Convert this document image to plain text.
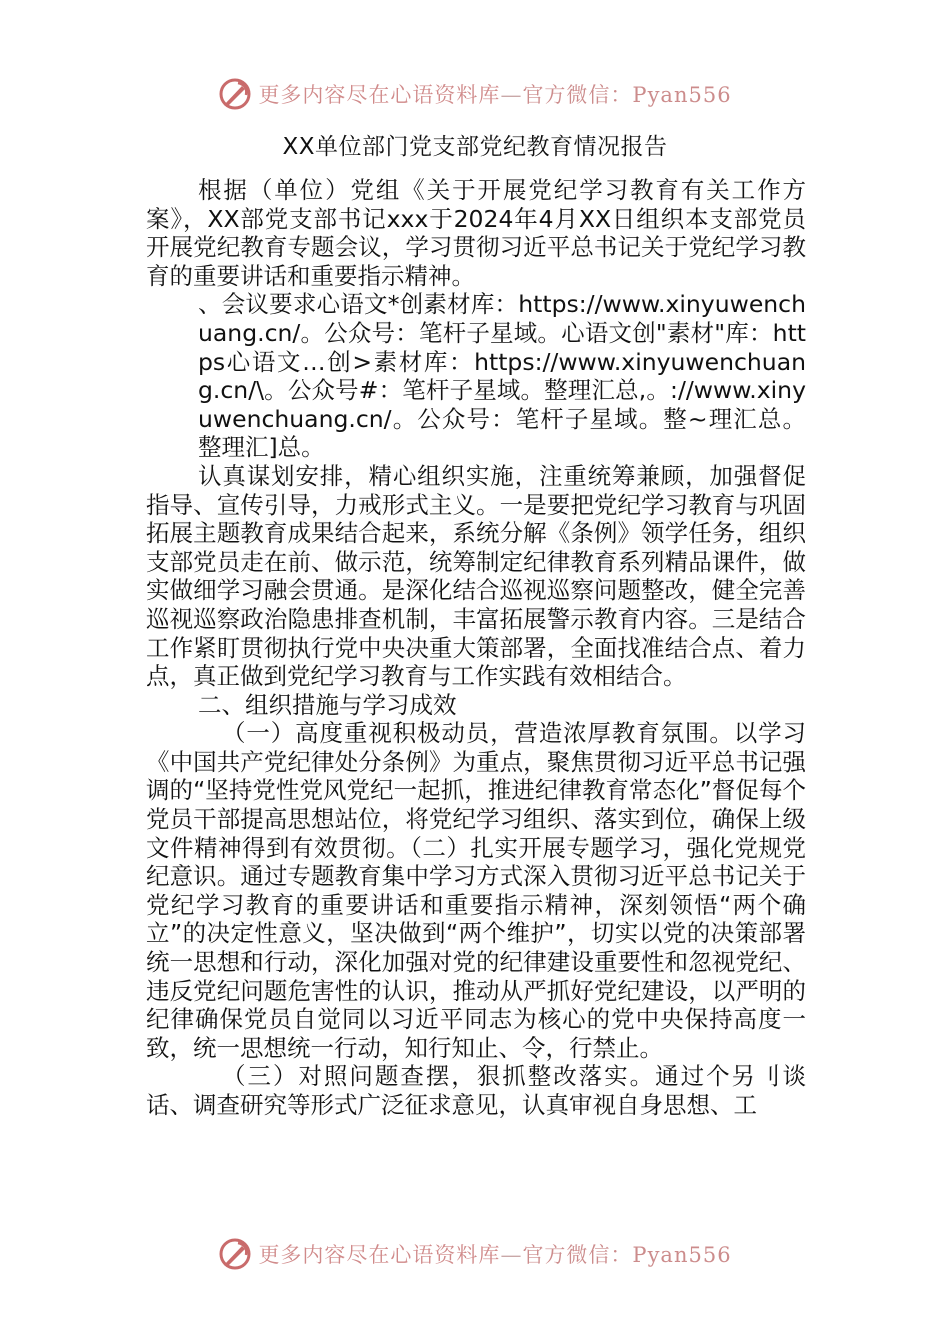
更多内容尽在心语资料库—官方微信：Pyan556
XX单位部门党支部党纪教育情况报告

根据（单位）党组《关于开展党纪学习教育有关工作方案》，XX部党支部书记xxx于2024年4月XX日组织本支部党员开展党纪教育专题会议，学习贯彻习近平总书记关于党纪学习教育的重要讲话和重要指示精神。

、会议要求心语文*创素材库：https://www.xinyuwenchuang.cn/。公众号：笔杆子星域。心语文创"素材"库：https心语文…创>素材库：https://www.xinyuwenchuang.cn/\。公众号#：笔杆子星域。整理汇总,。://www.xinyuwenchuang.cn/。公众号：笔杆子星域。整~理汇总。整理汇]总。

认真谋划安排，精心组织实施，注重统筹兼顾，加强督促指导、宣传引导，力戒形式主义。一是要把党纪学习教育与巩固拓展主题教育成果结合起来，系统分解《条例》领学任务，组织支部党员走在前、做示范，统筹制定纪律教育系列精品课件，做实做细学习融会贯通。是深化结合巡视巡察问题整改，健全完善巡视巡察政治隐患排查机制，丰富拓展警示教育内容。三是结合工作紧盯贯彻执行党中央决重大策部署，全面找准结合点、着力点，真正做到党纪学习教育与工作实践有效相结合。

二、组织措施与学习成效

（一）高度重视积极动员，营造浓厚教育氛围。以学习《中国共产党纪律处分条例》为重点，聚焦贯彻习近平总书记强调的“坚持党性党风党纪一起抓，推进纪律教育常态化”督促每个党员干部提高思想站位，将党纪学习组织、落实到位，确保上级文件精神得到有效贯彻。（二）扎实开展专题学习，强化党规党纪意识。通过专题教育集中学习方式深入贯彻习近平总书记关于党纪学习教育的重要讲话和重要指示精神，深刻领悟“两个确立”的决定性意义，坚决做到“两个维护”，切实以党的决策部署统一思想和行动，深化加强对党的纪律建设重要性和忽视党纪、违反党纪问题危害性的认识，推动从严抓好党纪建设，以严明的纪律确保党员自觉同以习近平同志为核心的党中央保持高度一致，统一思想统一行动，知行知止、令，行禁止。

（三）对照问题查摆，狠抓整改落实。通过个另刂谈话、调查研究等形式广泛征求意见，认真审视自身思想、工

更多内容尽在心语资料库—官方微信：Pyan556
